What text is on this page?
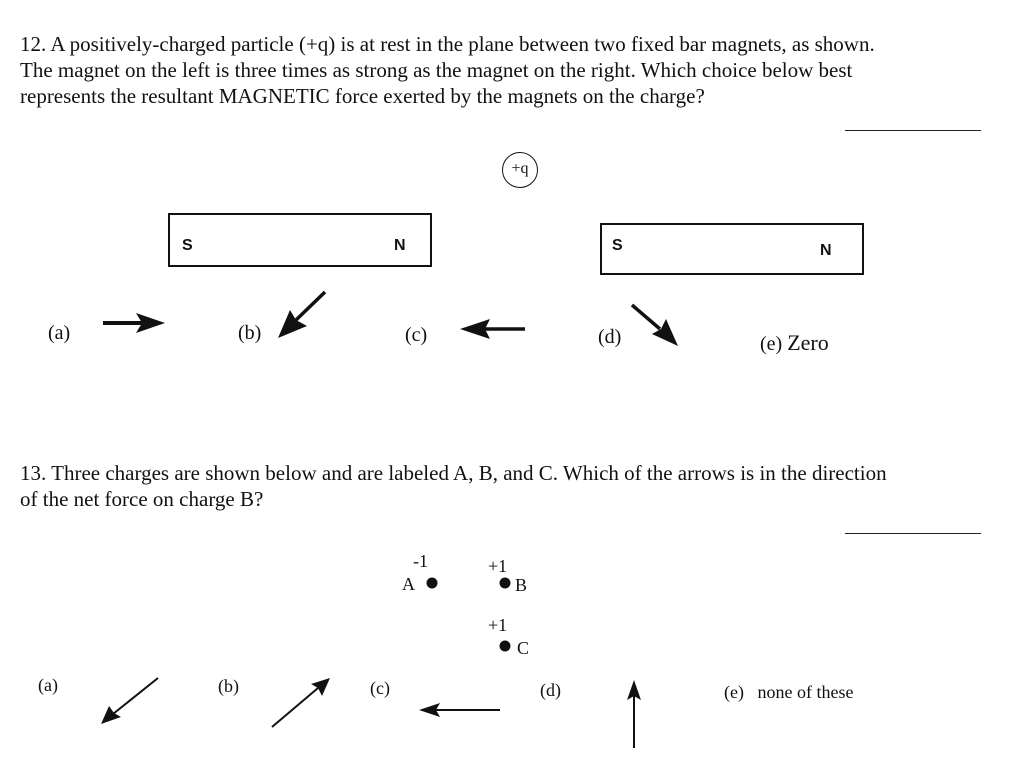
12. A positively-charged particle (+q) is at rest in the plane between two fixed bar magnets, as shown.

The magnet on the left is three times as strong as the magnet on the right. Which choice below best

represents the resultant MAGNETIC force exerted by the magnets on the charge?

+q
S	N	S	N
(a)	(b)	(c)	(d)	(e) Zero

13. Three charges are shown below and are labeled A, B, and C. Which of the arrows is in the direction

of the net force on charge B?

-1
A
+1
B
+1
C
(a)	(b)	(c)	(d)	(e) none of these
